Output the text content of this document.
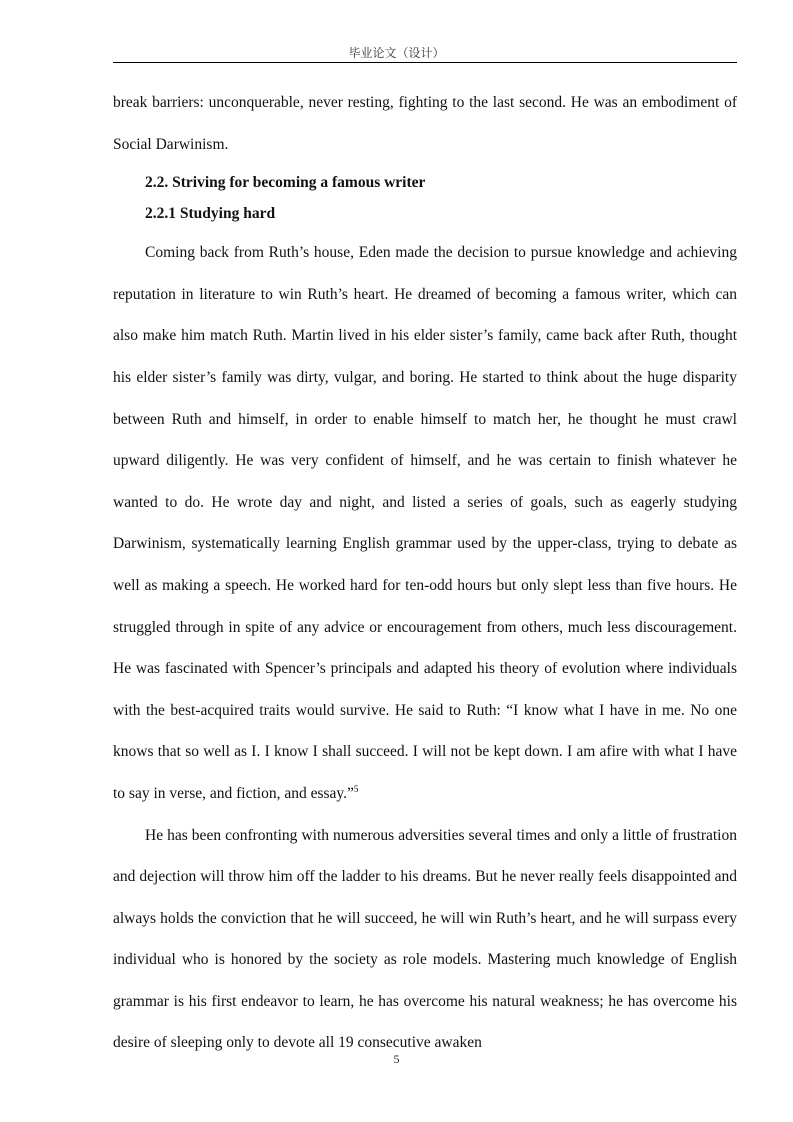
毕业论文（设计）

break barriers: unconquerable, never resting, fighting to the last second. He was an embodiment of Social Darwinism.

2.2. Striving for becoming a famous writer
2.2.1 Studying hard

Coming back from Ruth’s house, Eden made the decision to pursue knowledge and achieving reputation in literature to win Ruth’s heart. He dreamed of becoming a famous writer, which can also make him match Ruth. Martin lived in his elder sister’s family, came back after Ruth, thought his elder sister’s family was dirty, vulgar, and boring. He started to think about the huge disparity between Ruth and himself, in order to enable himself to match her, he thought he must crawl upward diligently. He was very confident of himself, and he was certain to finish whatever he wanted to do. He wrote day and night, and listed a series of goals, such as eagerly studying Darwinism, systematically learning English grammar used by the upper-class, trying to debate as well as making a speech. He worked hard for ten-odd hours but only slept less than five hours. He struggled through in spite of any advice or encouragement from others, much less discouragement. He was fascinated with Spencer’s principals and adapted his theory of evolution where individuals with the best-acquired traits would survive. He said to Ruth: “I know what I have in me. No one knows that so well as I. I know I shall succeed. I will not be kept down. I am afire with what I have to say in verse, and fiction, and essay.”$^5$

He has been confronting with numerous adversities several times and only a little of frustration and dejection will throw him off the ladder to his dreams. But he never really feels disappointed and always holds the conviction that he will succeed, he will win Ruth’s heart, and he will surpass every individual who is honored by the society as role models. Mastering much knowledge of English grammar is his first endeavor to learn, he has overcome his natural weakness; he has overcome his desire of sleeping only to devote all 19 consecutive awaken

5
